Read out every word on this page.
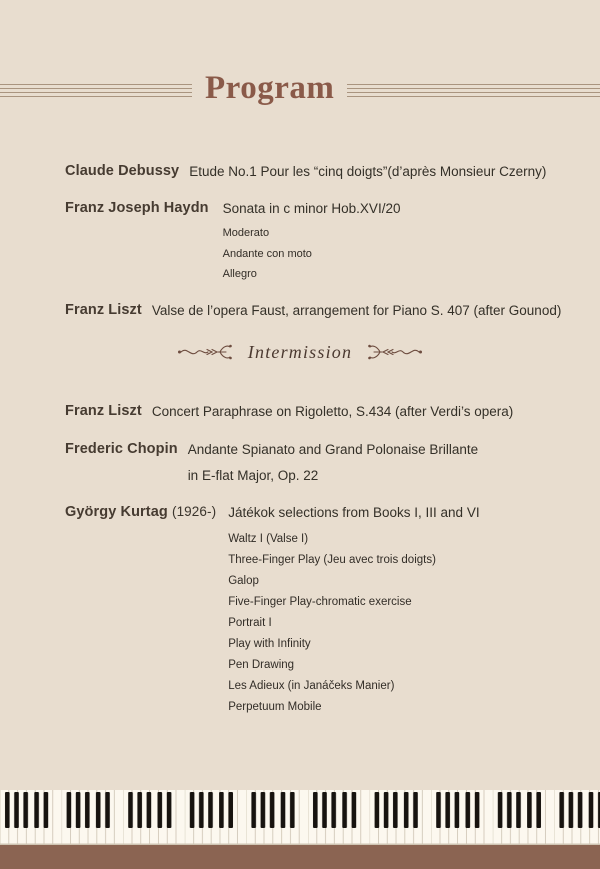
Program
Claude Debussy Etude No.1 Pour les “cinq doigts”(d’après Monsieur Czerny)
Franz Joseph Haydn Sonata in c minor Hob.XVI/20
Moderato
Andante con moto
Allegro
Franz Liszt Valse de l’opera Faust, arrangement for Piano S. 407 (after Gounod)
Intermission
Franz Liszt Concert Paraphrase on Rigoletto, S.434 (after Verdi’s opera)
Frederic Chopin Andante Spianato and Grand Polonaise Brillante
in E-flat Major, Op. 22
György Kurtag (1926-) Játékok selections from Books I, III and VI
Waltz I (Valse I)
Three-Finger Play (Jeu avec trois doigts)
Galop
Five-Finger Play-chromatic exercise
Portrait I
Play with Infinity
Pen Drawing
Les Adieux (in Janáčeks Manier)
Perpetuum Mobile
